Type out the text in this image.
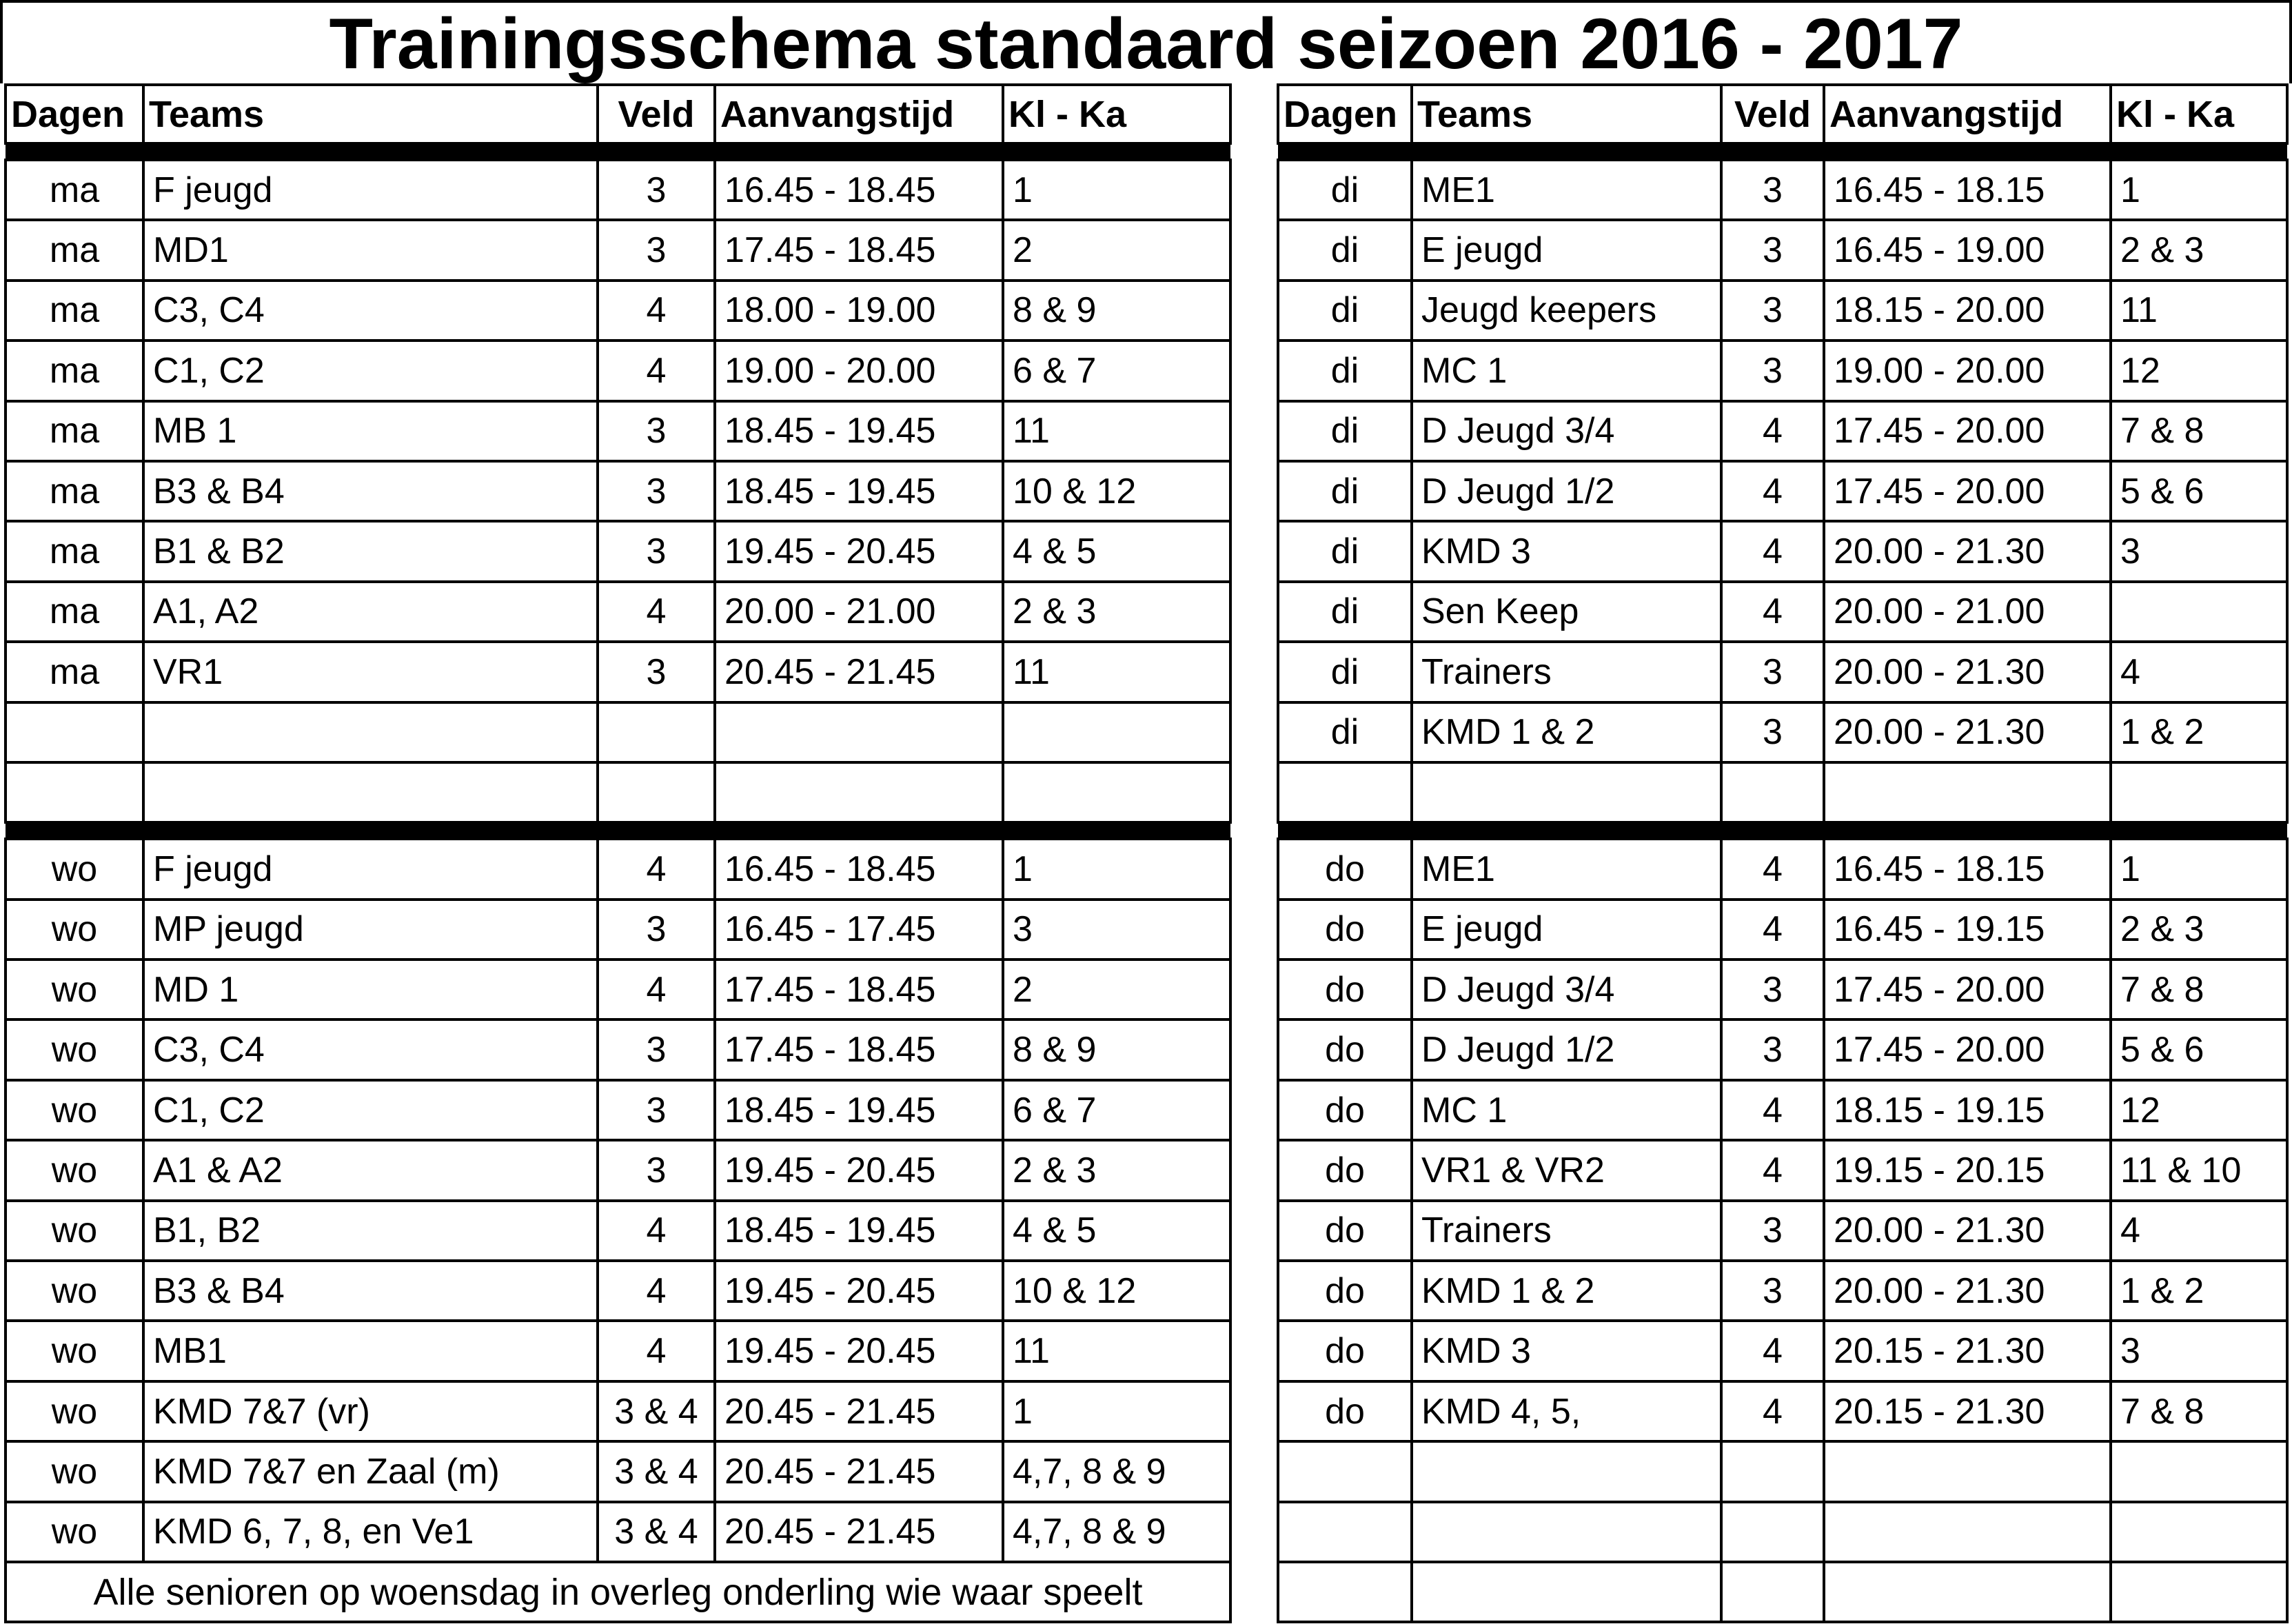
Trainingsschema standaard seizoen 2016 - 2017
Dagen	Teams	Veld	Aanvangstijd	Kl - Ka

ma	F jeugd	3	16.45 - 18.45	1
ma	MD1	3	17.45 - 18.45	2
ma	C3, C4	4	18.00 - 19.00	8 & 9
ma	C1, C2	4	19.00 - 20.00	6 & 7
ma	MB 1	3	18.45 - 19.45	11
ma	B3 & B4	3	18.45 - 19.45	10 & 12
ma	B1 & B2	3	19.45 - 20.45	4 & 5
ma	A1, A2	4	20.00 - 21.00	2 & 3
ma	VR1	3	20.45 - 21.45	11

wo	F jeugd	4	16.45 - 18.45	1
wo	MP jeugd	3	16.45 - 17.45	3
wo	MD 1	4	17.45 - 18.45	2
wo	C3, C4	3	17.45 - 18.45	8 & 9
wo	C1, C2	3	18.45 - 19.45	6 & 7
wo	A1 & A2	3	19.45 - 20.45	2 & 3
wo	B1, B2	4	18.45 - 19.45	4 & 5
wo	B3 & B4	4	19.45 - 20.45	10 & 12
wo	MB1	4	19.45 - 20.45	11
wo	KMD 7&7 (vr)	3 & 4	20.45 - 21.45	1
wo	KMD 7&7 en Zaal (m)	3 & 4	20.45 - 21.45	4,7, 8 & 9
wo	KMD 6, 7, 8, en Ve1	3 & 4	20.45 - 21.45	4,7, 8 & 9
Alle senioren op woensdag in overleg onderling wie waar speelt				
Dagen	Teams	Veld	Aanvangstijd	Kl - Ka

di	ME1	3	16.45 - 18.15	1
di	E jeugd	3	16.45 - 19.00	2 & 3
di	Jeugd keepers	3	18.15 - 20.00	11
di	MC 1	3	19.00 - 20.00	12
di	D Jeugd 3/4	4	17.45 - 20.00	7 & 8
di	D Jeugd 1/2	4	17.45 - 20.00	5 & 6
di	KMD 3	4	20.00 - 21.30	3
di	Sen Keep	4	20.00 - 21.00	
di	Trainers	3	20.00 - 21.30	4
di	KMD 1 & 2	3	20.00 - 21.30	1 & 2

do	ME1	4	16.45 - 18.15	1
do	E jeugd	4	16.45 - 19.15	2 & 3
do	D Jeugd 3/4	3	17.45 - 20.00	7 & 8
do	D Jeugd 1/2	3	17.45 - 20.00	5 & 6
do	MC 1	4	18.15 - 19.15	12
do	VR1 & VR2	4	19.15 - 20.15	11 & 10
do	Trainers	3	20.00 - 21.30	4
do	KMD 1 & 2	3	20.00 - 21.30	1 & 2
do	KMD 3	4	20.15 - 21.30	3
do	KMD 4, 5,	4	20.15 - 21.30	7 & 8
